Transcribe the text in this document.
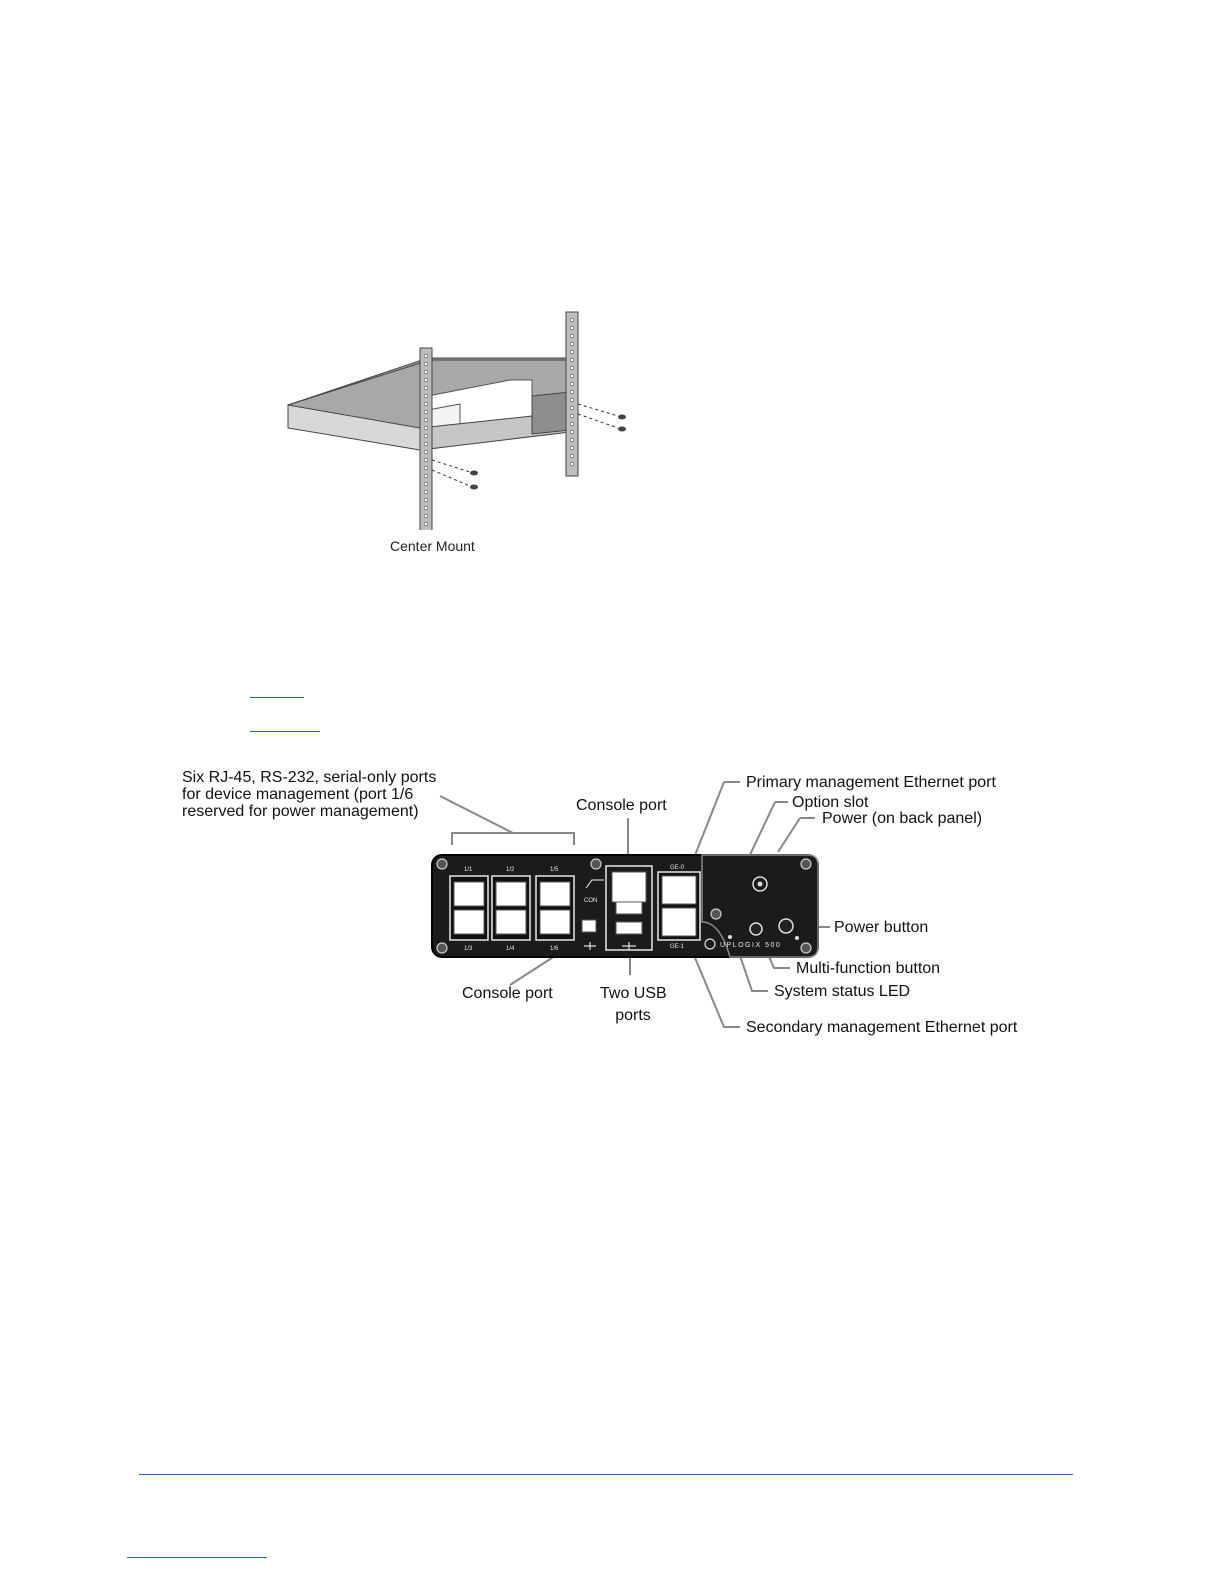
Center Mount
1/1	1/2	1/5
1/3	1/4	1/6
CON
GE-0
GE-1	UPLOGIX 500
Six RJ-45, RS-232, serial-only ports
for device management (port 1/6
reserved for power management)	Console port
Primary management Ethernet port
Option slot
Power (on back panel)
Power button
Multi-function button
System status LED
Secondary management Ethernet port
Console port	Two USB
ports
